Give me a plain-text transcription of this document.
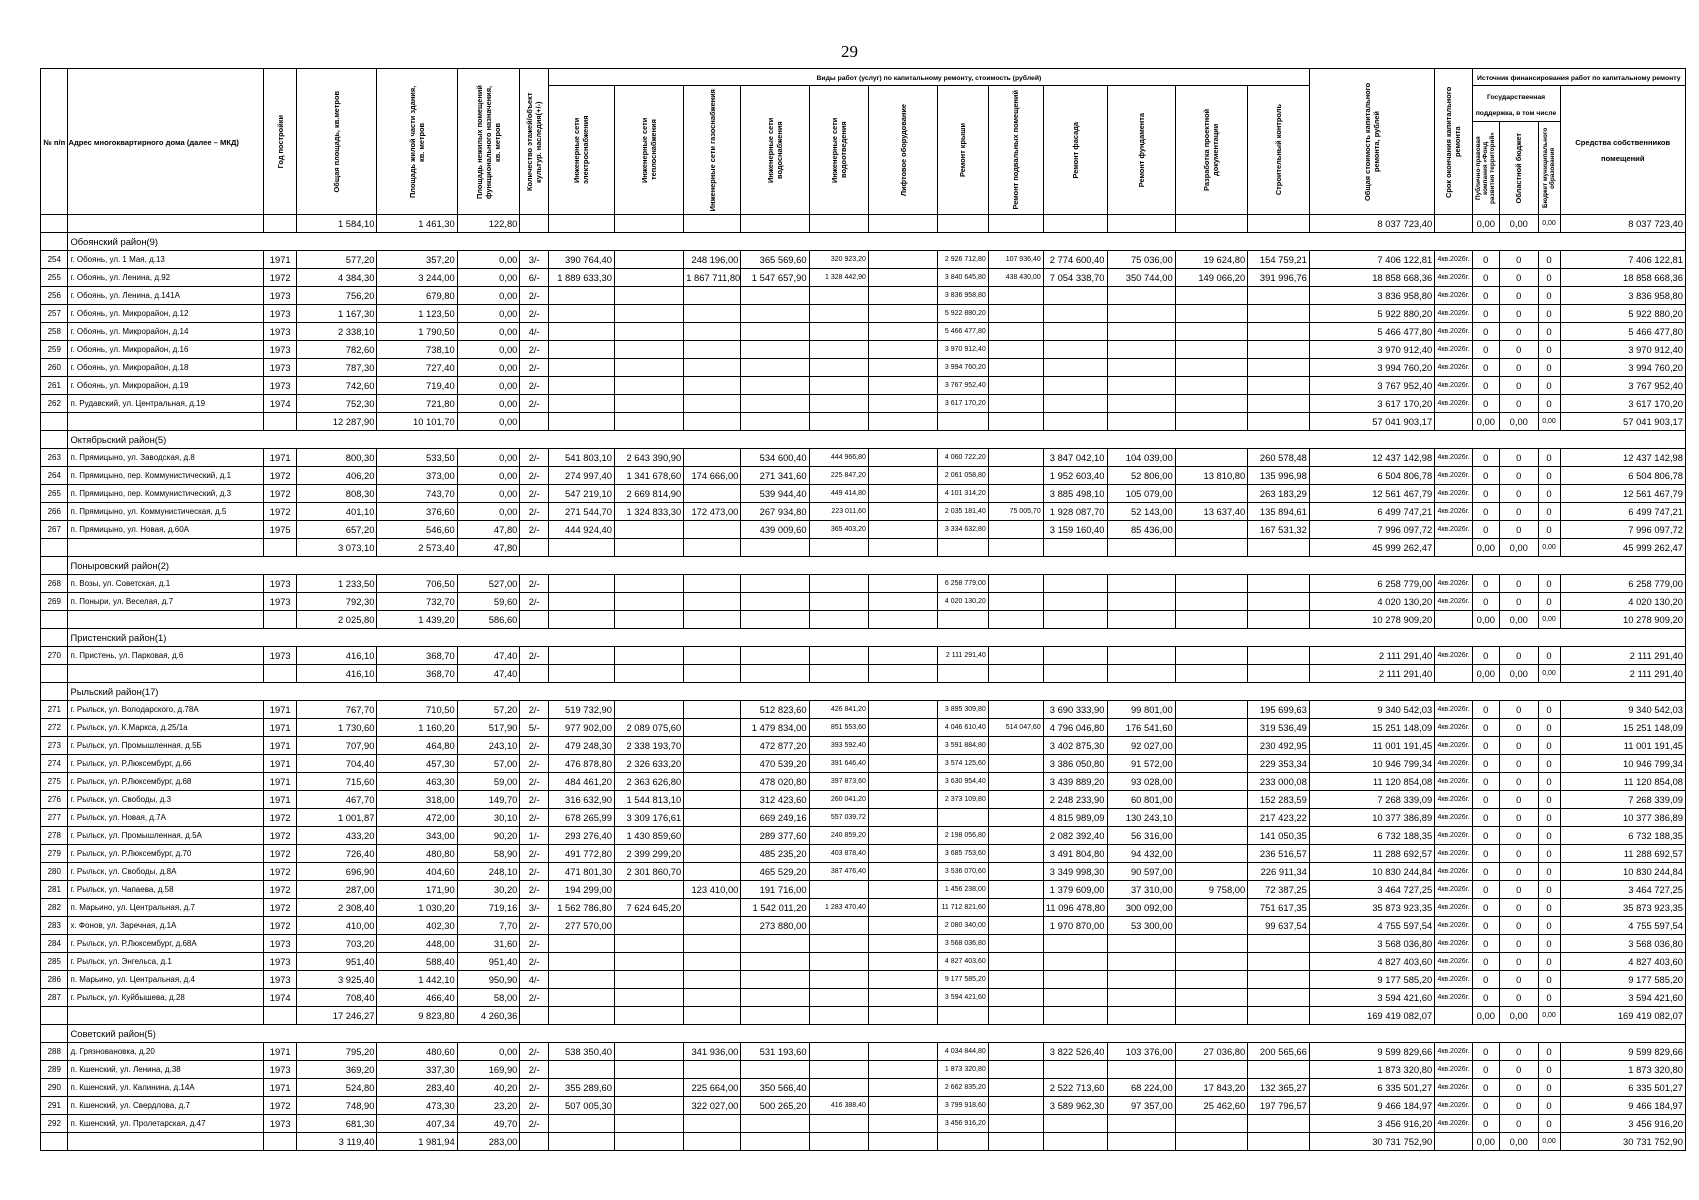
29
№ п/п	Адрес многоквартирного дома (далее – МКД)	Год постройки	Общая площадь, кв.метров	Площадь жилой части здания, кв. метров	Площадь нежилых помещений функционального назначения, кв. метров	Количество этажей/объект культур. наследия(+/-)	Виды работ (услуг) по капитальному ремонту, стоимость (рублей)												Общая стоимость капитального ремонта, рублей	Срок окончания капитального ремонта	Источник финансирования работ по капитальному ремонту			

							Инженерные сети электроснабжения	Инженерные сети теплоснабжения	Инженерные сети газоснабжения	Инженерные сети водоснабжения	Инженерные сети водоотведения	Лифтовое оборудование	Ремонт крыши	Ремонт подвальных помещений	Ремонт фасада	Ремонт фундамента	Разработка проектной документации	Строительный контроль			Государственная поддержка, в том числе			Средства собственников помещений

																					Публично-правовая компания «Фонд развития территорий»	Областной бюджет	Бюджет муниципального образования	

			1 584,10	1 461,30	122,80														8 037 723,40		0,00	0,00	0,00	8 037 723,40
	Обоянский район(9)																							
254	г. Обоянь, ул. 1 Мая, д.13	1971	577,20	357,20	0,00	3/-	390 764,40		248 196,00	365 569,60	320 923,20		2 926 712,80	107 936,40	2 774 600,40	75 036,00	19 624,80	154 759,21	7 406 122,81	4кв.2026г.	0	0	0	7 406 122,81
255	г. Обоянь, ул. Ленина, д.92	1972	4 384,30	3 244,00	0,00	6/-	1 889 633,30		1 867 711,80	1 547 657,90	1 328 442,90		3 840 645,80	438 430,00	7 054 338,70	350 744,00	149 066,20	391 996,76	18 858 668,36	4кв.2026г.	0	0	0	18 858 668,36
256	г. Обоянь, ул. Ленина, д.141А	1973	756,20	679,80	0,00	2/-							3 836 958,80						3 836 958,80	4кв.2026г.	0	0	0	3 836 958,80
257	г. Обоянь, ул. Микрорайон, д.12	1973	1 167,30	1 123,50	0,00	2/-							5 922 880,20						5 922 880,20	4кв.2026г.	0	0	0	5 922 880,20
258	г. Обоянь, ул. Микрорайон, д.14	1973	2 338,10	1 790,50	0,00	4/-							5 466 477,80						5 466 477,80	4кв.2026г.	0	0	0	5 466 477,80
259	г. Обоянь, ул. Микрорайон, д.16	1973	782,60	738,10	0,00	2/-							3 970 912,40						3 970 912,40	4кв.2026г.	0	0	0	3 970 912,40
260	г. Обоянь, ул. Микрорайон, д.18	1973	787,30	727,40	0,00	2/-							3 994 760,20						3 994 760,20	4кв.2026г.	0	0	0	3 994 760,20
261	г. Обоянь, ул. Микрорайон, д.19	1973	742,60	719,40	0,00	2/-							3 767 952,40						3 767 952,40	4кв.2026г.	0	0	0	3 767 952,40
262	п. Рудавский, ул. Центральная, д.19	1974	752,30	721,80	0,00	2/-							3 617 170,20						3 617 170,20	4кв.2026г.	0	0	0	3 617 170,20
			12 287,90	10 101,70	0,00														57 041 903,17		0,00	0,00	0,00	57 041 903,17
	Октябрьский район(5)																							
263	п. Прямицыно, ул. Заводская, д.8	1971	800,30	533,50	0,00	2/-	541 803,10	2 643 390,90		534 600,40	444 966,80		4 060 722,20		3 847 042,10	104 039,00		260 578,48	12 437 142,98	4кв.2026г.	0	0	0	12 437 142,98
264	п. Прямицыно, пер. Коммунистический, д.1	1972	406,20	373,00	0,00	2/-	274 997,40	1 341 678,60	174 666,00	271 341,60	225 847,20		2 061 058,80		1 952 603,40	52 806,00	13 810,80	135 996,98	6 504 806,78	4кв.2026г.	0	0	0	6 504 806,78
265	п. Прямицыно, пер. Коммунистический, д.3	1972	808,30	743,70	0,00	2/-	547 219,10	2 669 814,90		539 944,40	449 414,80		4 101 314,20		3 885 498,10	105 079,00		263 183,29	12 561 467,79	4кв.2026г.	0	0	0	12 561 467,79
266	п. Прямицыно, ул. Коммунистическая, д.5	1972	401,10	376,60	0,00	2/-	271 544,70	1 324 833,30	172 473,00	267 934,80	223 011,60		2 035 181,40	75 005,70	1 928 087,70	52 143,00	13 637,40	135 894,61	6 499 747,21	4кв.2026г.	0	0	0	6 499 747,21
267	п. Прямицыно, ул. Новая, д.60А	1975	657,20	546,60	47,80	2/-	444 924,40			439 009,60	365 403,20		3 334 632,80		3 159 160,40	85 436,00		167 531,32	7 996 097,72	4кв.2026г.	0	0	0	7 996 097,72
			3 073,10	2 573,40	47,80														45 999 262,47		0,00	0,00	0,00	45 999 262,47
	Поныровский район(2)																							
268	п. Возы, ул. Советская, д.1	1973	1 233,50	706,50	527,00	2/-							6 258 779,00						6 258 779,00	4кв.2026г.	0	0	0	6 258 779,00
269	п. Поныри, ул. Веселая, д.7	1973	792,30	732,70	59,60	2/-							4 020 130,20						4 020 130,20	4кв.2026г.	0	0	0	4 020 130,20
			2 025,80	1 439,20	586,60														10 278 909,20		0,00	0,00	0,00	10 278 909,20
	Пристенский район(1)																							
270	п. Пристень, ул. Парковая, д.6	1973	416,10	368,70	47,40	2/-							2 111 291,40						2 111 291,40	4кв.2026г.	0	0	0	2 111 291,40
			416,10	368,70	47,40														2 111 291,40		0,00	0,00	0,00	2 111 291,40
	Рыльский район(17)																							
271	г. Рыльск, ул. Володарского, д.78А	1971	767,70	710,50	57,20	2/-	519 732,90			512 823,60	426 841,20		3 895 309,80		3 690 333,90	99 801,00		195 699,63	9 340 542,03	4кв.2026г.	0	0	0	9 340 542,03
272	г. Рыльск, ул. К.Маркса, д.25/1а	1971	1 730,60	1 160,20	517,90	5/-	977 902,00	2 089 075,60		1 479 834,00	851 553,60		4 046 610,40	514 047,60	4 796 046,80	176 541,60		319 536,49	15 251 148,09	4кв.2026г.	0	0	0	15 251 148,09
273	г. Рыльск, ул. Промышленная, д.5Б	1971	707,90	464,80	243,10	2/-	479 248,30	2 338 193,70		472 877,20	393 592,40		3 591 884,80		3 402 875,30	92 027,00		230 492,95	11 001 191,45	4кв.2026г.	0	0	0	11 001 191,45
274	г. Рыльск, ул. Р.Люксембург, д.66	1971	704,40	457,30	57,00	2/-	476 878,80	2 326 633,20		470 539,20	391 646,40		3 574 125,60		3 386 050,80	91 572,00		229 353,34	10 946 799,34	4кв.2026г.	0	0	0	10 946 799,34
275	г. Рыльск, ул. Р.Люксембург, д.68	1971	715,60	463,30	59,00	2/-	484 461,20	2 363 626,80		478 020,80	397 873,60		3 630 954,40		3 439 889,20	93 028,00		233 000,08	11 120 854,08	4кв.2026г.	0	0	0	11 120 854,08
276	г. Рыльск, ул. Свободы, д.3	1971	467,70	318,00	149,70	2/-	316 632,90	1 544 813,10		312 423,60	260 041,20		2 373 109,80		2 248 233,90	60 801,00		152 283,59	7 268 339,09	4кв.2026г.	0	0	0	7 268 339,09
277	г. Рыльск, ул. Новая, д.7А	1972	1 001,87	472,00	30,10	2/-	678 265,99	3 309 176,61		669 249,16	557 039,72				4 815 989,09	130 243,10		217 423,22	10 377 386,89	4кв.2026г.	0	0	0	10 377 386,89
278	г. Рыльск, ул. Промышленная, д.5А	1972	433,20	343,00	90,20	1/-	293 276,40	1 430 859,60		289 377,60	240 859,20		2 198 056,80		2 082 392,40	56 316,00		141 050,35	6 732 188,35	4кв.2026г.	0	0	0	6 732 188,35
279	г. Рыльск, ул. Р.Люксембург, д.70	1972	726,40	480,80	58,90	2/-	491 772,80	2 399 299,20		485 235,20	403 878,40		3 685 753,60		3 491 804,80	94 432,00		236 516,57	11 288 692,57	4кв.2026г.	0	0	0	11 288 692,57
280	г. Рыльск, ул. Свободы, д.8А	1972	696,90	404,60	248,10	2/-	471 801,30	2 301 860,70		465 529,20	387 476,40		3 536 070,60		3 349 998,30	90 597,00		226 911,34	10 830 244,84	4кв.2026г.	0	0	0	10 830 244,84
281	г. Рыльск, ул. Чапаева, д.58	1972	287,00	171,90	30,20	2/-	194 299,00		123 410,00	191 716,00			1 456 238,00		1 379 609,00	37 310,00	9 758,00	72 387,25	3 464 727,25	4кв.2026г.	0	0	0	3 464 727,25
282	п. Марьино, ул. Центральная, д.7	1972	2 308,40	1 030,20	719,16	3/-	1 562 786,80	7 624 645,20		1 542 011,20	1 283 470,40		11 712 821,60		11 096 478,80	300 092,00		751 617,35	35 873 923,35	4кв.2026г.	0	0	0	35 873 923,35
283	х. Фонов, ул. Заречная, д.1А	1972	410,00	402,30	7,70	2/-	277 570,00			273 880,00			2 080 340,00		1 970 870,00	53 300,00		99 637,54	4 755 597,54	4кв.2026г.	0	0	0	4 755 597,54
284	г. Рыльск, ул. Р.Люксембург, д.68А	1973	703,20	448,00	31,60	2/-							3 568 036,80						3 568 036,80	4кв.2026г.	0	0	0	3 568 036,80
285	г. Рыльск, ул. Энгельса, д.1	1973	951,40	588,40	951,40	2/-							4 827 403,60						4 827 403,60	4кв.2026г.	0	0	0	4 827 403,60
286	п. Марьино, ул. Центральная, д.4	1973	3 925,40	1 442,10	950,90	4/-							9 177 585,20						9 177 585,20	4кв.2026г.	0	0	0	9 177 585,20
287	г. Рыльск, ул. Куйбышева, д.28	1974	708,40	466,40	58,00	2/-							3 594 421,60						3 594 421,60	4кв.2026г.	0	0	0	3 594 421,60
			17 246,27	9 823,80	4 260,36														169 419 082,07		0,00	0,00	0,00	169 419 082,07
	Советский район(5)																							
288	д. Грязновановка, д.20	1971	795,20	480,60	0,00	2/-	538 350,40		341 936,00	531 193,60			4 034 844,80		3 822 526,40	103 376,00	27 036,80	200 565,66	9 599 829,66	4кв.2026г.	0	0	0	9 599 829,66
289	п. Кшенский, ул. Ленина, д.38	1973	369,20	337,30	169,90	2/-							1 873 320,80						1 873 320,80	4кв.2026г.	0	0	0	1 873 320,80
290	п. Кшенский, ул. Калинина, д.14А	1971	524,80	283,40	40,20	2/-	355 289,60		225 664,00	350 566,40			2 662 835,20		2 522 713,60	68 224,00	17 843,20	132 365,27	6 335 501,27	4кв.2026г.	0	0	0	6 335 501,27
291	п. Кшенский, ул. Свердлова, д.7	1972	748,90	473,30	23,20	2/-	507 005,30		322 027,00	500 265,20	416 388,40		3 799 918,60		3 589 962,30	97 357,00	25 462,60	197 796,57	9 466 184,97	4кв.2026г.	0	0	0	9 466 184,97
292	п. Кшенский, ул. Пролетарская, д.47	1973	681,30	407,34	49,70	2/-							3 456 916,20						3 456 916,20	4кв.2026г.	0	0	0	3 456 916,20
			3 119,40	1 981,94	283,00														30 731 752,90		0,00	0,00	0,00	30 731 752,90
